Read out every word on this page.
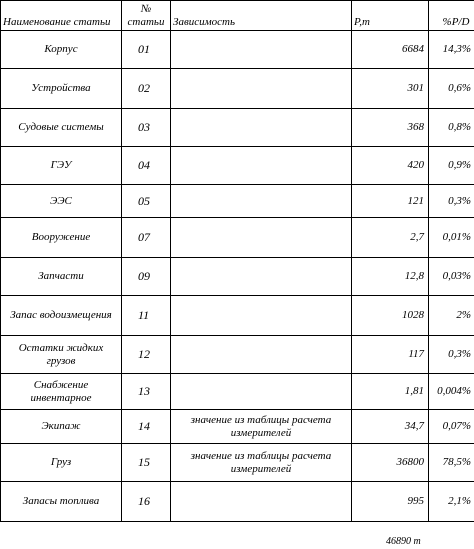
Наименование статьи	№ статьи	Зависимость	P,m	%P/D
Корпус	01		6684	14,3%
Устройства	02		301	0,6%
Судовые системы	03		368	0,8%
ГЭУ	04		420	0,9%
ЭЭС	05		121	0,3%
Вооружение	07		2,7	0,01%
Запчасти	09		12,8	0,03%
Запас водоизмещения	11		1028	2%
Остатки жидких грузов	12		117	0,3%
Снабжение инвентарное	13		1,81	0,004%
Экипаж	14	значение из таблицы расчета измерителей	34,7	0,07%
Груз	15	значение из таблицы расчета измерителей	36800	78,5%
Запасы топлива	16		995	2,1%
46890 т
